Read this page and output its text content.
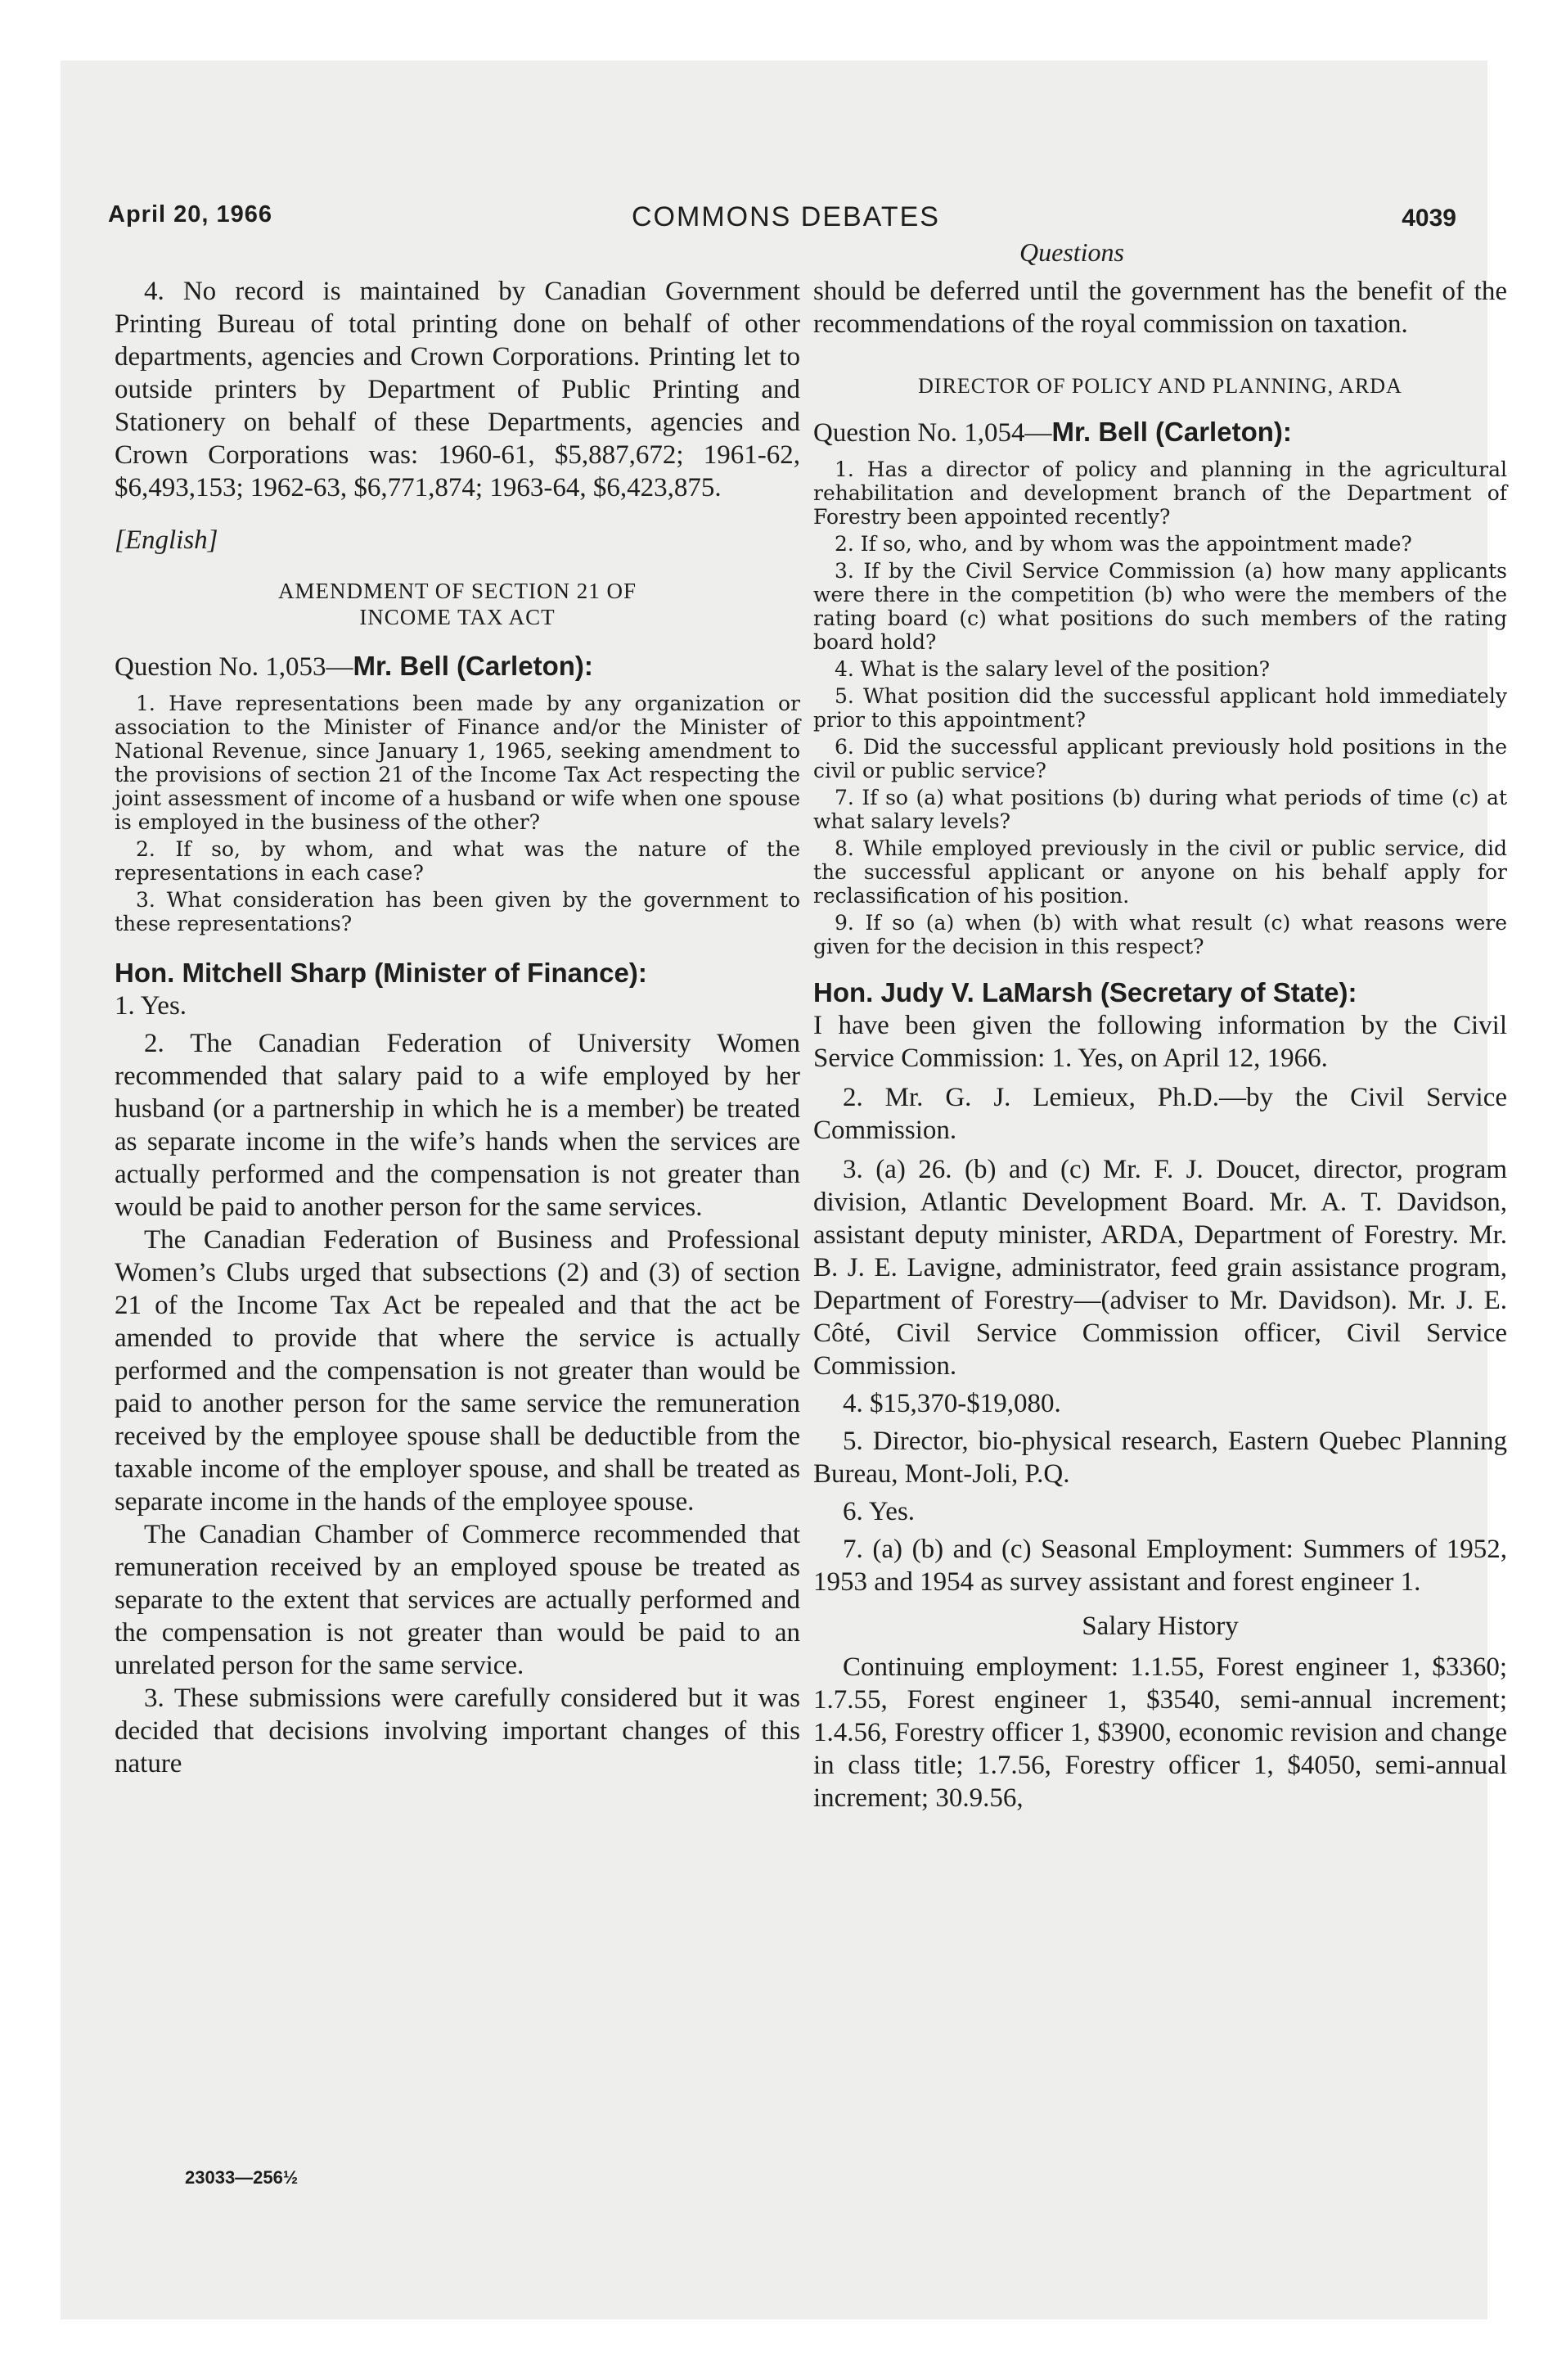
April 20, 1966	COMMONS DEBATES	4039
Questions

4. No record is maintained by Canadian Government Printing Bureau of total printing done on behalf of other departments, agencies and Crown Corporations. Printing let to outside printers by Department of Public Printing and Stationery on behalf of these Departments, agencies and Crown Corporations was: 1960-61, $5,887,672; 1961-62, $6,493,153; 1962-63, $6,771,874; 1963-64, $6,423,875.

[English]

AMENDMENT OF SECTION 21 OF

INCOME TAX ACT

Question No. 1,053—Mr. Bell (Carleton):

1. Have representations been made by any organization or association to the Minister of Finance and/or the Minister of National Revenue, since January 1, 1965, seeking amendment to the provisions of section 21 of the Income Tax Act respecting the joint assessment of income of a husband or wife when one spouse is employed in the business of the other?

2. If so, by whom, and what was the nature of the representations in each case?

3. What consideration has been given by the government to these representations?

Hon. Mitchell Sharp (Minister of Finance):

1. Yes.

2. The Canadian Federation of University Women recommended that salary paid to a wife employed by her husband (or a partnership in which he is a member) be treated as separate income in the wife’s hands when the services are actually performed and the compensation is not greater than would be paid to another person for the same services.

The Canadian Federation of Business and Professional Women’s Clubs urged that subsections (2) and (3) of section 21 of the Income Tax Act be repealed and that the act be amended to provide that where the service is actually performed and the compensation is not greater than would be paid to another person for the same service the remuneration received by the employee spouse shall be deductible from the taxable income of the employer spouse, and shall be treated as separate income in the hands of the employee spouse.

The Canadian Chamber of Commerce recommended that remuneration received by an employed spouse be treated as separate to the extent that services are actually performed and the compensation is not greater than would be paid to an unrelated person for the same service.

3. These submissions were carefully considered but it was decided that decisions involving important changes of this nature

23033—256½

should be deferred until the government has the benefit of the recommendations of the royal commission on taxation.

DIRECTOR OF POLICY AND PLANNING, ARDA

Question No. 1,054—Mr. Bell (Carleton):

1. Has a director of policy and planning in the agricultural rehabilitation and development branch of the Department of Forestry been appointed recently?

2. If so, who, and by whom was the appointment made?

3. If by the Civil Service Commission (a) how many applicants were there in the competition (b) who were the members of the rating board (c) what positions do such members of the rating board hold?

4. What is the salary level of the position?

5. What position did the successful applicant hold immediately prior to this appointment?

6. Did the successful applicant previously hold positions in the civil or public service?

7. If so (a) what positions (b) during what periods of time (c) at what salary levels?

8. While employed previously in the civil or public service, did the successful applicant or anyone on his behalf apply for reclassification of his position.

9. If so (a) when (b) with what result (c) what reasons were given for the decision in this respect?

Hon. Judy V. LaMarsh (Secretary of State):

I have been given the following information by the Civil Service Commission: 1. Yes, on April 12, 1966.

2. Mr. G. J. Lemieux, Ph.D.—by the Civil Service Commission.

3. (a) 26. (b) and (c) Mr. F. J. Doucet, director, program division, Atlantic Development Board. Mr. A. T. Davidson, assistant deputy minister, ARDA, Department of Forestry. Mr. B. J. E. Lavigne, administrator, feed grain assistance program, Department of Forestry—(adviser to Mr. Davidson). Mr. J. E. Côté, Civil Service Commission officer, Civil Service Commission.

4. $15,370-$19,080.

5. Director, bio-physical research, Eastern Quebec Planning Bureau, Mont-Joli, P.Q.

6. Yes.

7. (a) (b) and (c) Seasonal Employment: Summers of 1952, 1953 and 1954 as survey assistant and forest engineer 1.

Salary History

Continuing employment: 1.1.55, Forest engineer 1, $3360; 1.7.55, Forest engineer 1, $3540, semi-annual increment; 1.4.56, Forestry officer 1, $3900, economic revision and change in class title; 1.7.56, Forestry officer 1, $4050, semi-annual increment; 30.9.56,
